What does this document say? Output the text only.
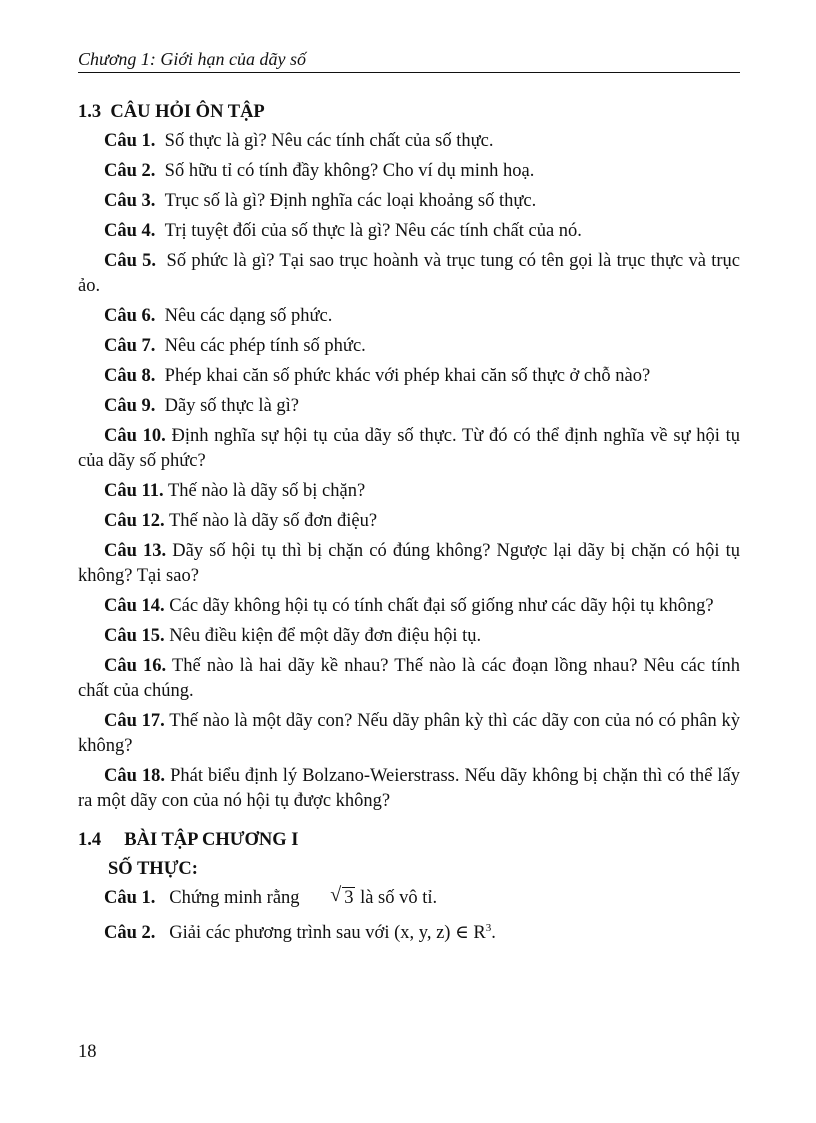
Chương 1: Giới hạn của dãy số

1.3 CÂU HỎI ÔN TẬP

Câu 1. Số thực là gì? Nêu các tính chất của số thực.

Câu 2. Số hữu tỉ có tính đầy không? Cho ví dụ minh hoạ.

Câu 3. Trục số là gì? Định nghĩa các loại khoảng số thực.

Câu 4. Trị tuyệt đối của số thực là gì? Nêu các tính chất của nó.

Câu 5. Số phức là gì? Tại sao trục hoành và trục tung có tên gọi là trục thực và trục ảo.

Câu 6. Nêu các dạng số phức.

Câu 7. Nêu các phép tính số phức.

Câu 8. Phép khai căn số phức khác với phép khai căn số thực ở chỗ nào?

Câu 9. Dãy số thực là gì?

Câu 10. Định nghĩa sự hội tụ của dãy số thực. Từ đó có thể định nghĩa về sự hội tụ của dãy số phức?

Câu 11. Thế nào là dãy số bị chặn?

Câu 12. Thế nào là dãy số đơn điệu?

Câu 13. Dãy số hội tụ thì bị chặn có đúng không? Ngược lại dãy bị chặn có hội tụ không? Tại sao?

Câu 14. Các dãy không hội tụ có tính chất đại số giống như các dãy hội tụ không?

Câu 15. Nêu điều kiện để một dãy đơn điệu hội tụ.

Câu 16. Thế nào là hai dãy kề nhau? Thế nào là các đoạn lồng nhau? Nêu các tính chất của chúng.

Câu 17. Thế nào là một dãy con? Nếu dãy phân kỳ thì các dãy con của nó có phân kỳ không?

Câu 18. Phát biểu định lý Bolzano-Weierstrass. Nếu dãy không bị chặn thì có thể lấy ra một dãy con của nó hội tụ được không?

1.4 BÀI TẬP CHƯƠNG I

SỐ THỰC:

Câu 1. Chứng minh rằng	√ 3 là số vô tỉ.

Câu 2. Giải các phương trình sau với (x, y, z) ∈ $R^3$.

18
